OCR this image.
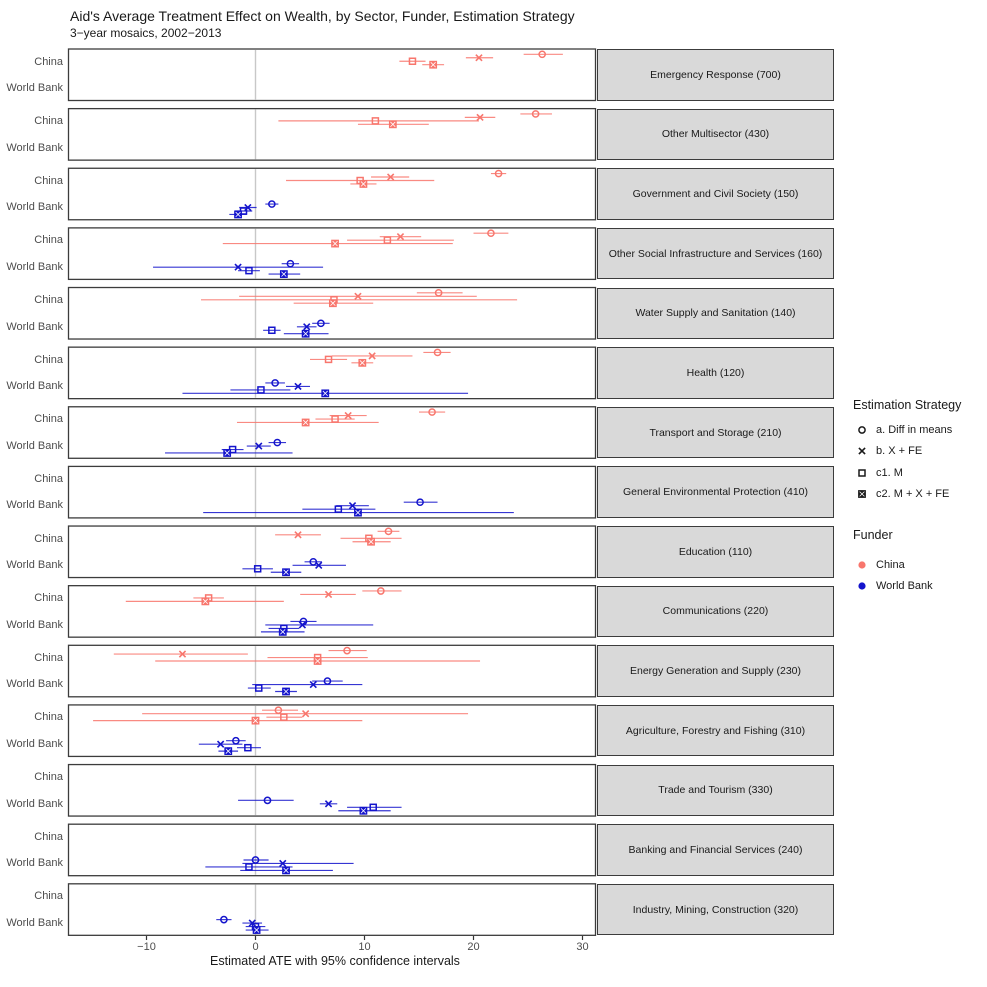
Aid's Average Treatment Effect on Wealth, by Sector, Funder, Estimation Strategy
3−year mosaics, 2002−2013
Emergency Response (700)
Other Multisector (430)
Government and Civil Society (150)
Other Social Infrastructure and Services (160)
Water Supply and Sanitation (140)
Health (120)
Transport and Storage (210)
General Environmental Protection (410)
Education (110)
Communications (220)
Energy Generation and Supply (230)
Agriculture, Forestry and Fishing (310)
Trade and Tourism (330)
Banking and Financial Services (240)
Industry, Mining, Construction (320)
China
World Bank
China
World Bank
China
World Bank
China
World Bank
China
World Bank
China
World Bank
China
World Bank
China
World Bank
China
World Bank
China
World Bank
China
World Bank
China
World Bank
China
World Bank
China
World Bank
China
World Bank
−10	0	10	20	30
Estimated ATE with 95% confidence intervals
Estimation Strategy
a. Diff in means
b. X + FE
c1. M
c2. M + X + FE
Funder
China
World Bank
